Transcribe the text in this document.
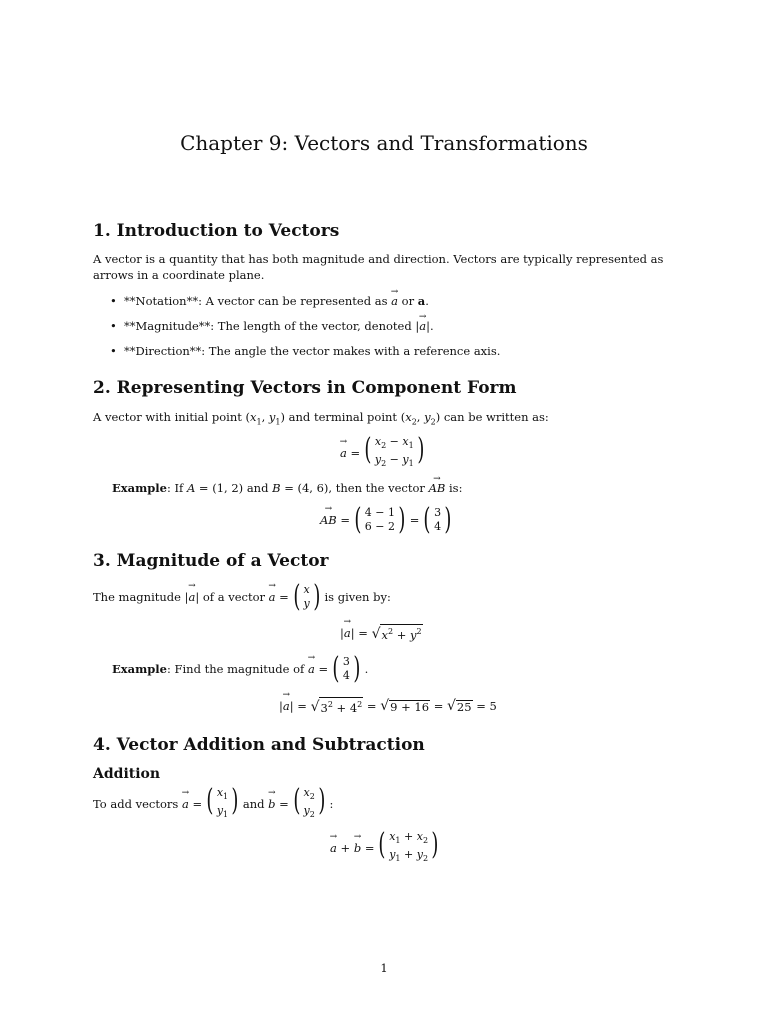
Chapter 9: Vectors and Transformations
1. Introduction to Vectors
A vector is a quantity that has both magnitude and direction. Vectors are typically represented as arrows in a coordinate plane.
• **Notation**: A vector can be represented as → a or a.
• **Magnitude**: The length of the vector, denoted |→ a|.
• **Direction**: The angle the vector makes with a reference axis.
2. Representing Vectors in Component Form
A vector with initial point ($x_1$, $y_1$) and terminal point ($x_2$, $y_2$) can be written as:
→ a = ( $x_2 - x_1$
$y_2 - y_1$ )
Example: If A = (1, 2) and B = (4, 6), then the vector → AB is:
→ AB = ( 4 − 1
6 − 2 ) = ( 3
4 )
3. Magnitude of a Vector
The magnitude | → a | of a vector
→ a = ( x
y ) is given by:
| → a | = √ $x^2 + y^2$
Example : Find the magnitude of
→ a = ( 3
4 ) .
| → a | = √ $3^2 + 4^2$ = √ 9 + 16 = √ 25 = 5
4. Vector Addition and Subtraction
Addition
To add vectors
→ a = ( $x_1$
$y_1$ ) and
→ b = ( $x_2$
$y_2$ ) :
→ a + → b = ( $x_1 + x_2$
$y_1 + y_2$ )
1
